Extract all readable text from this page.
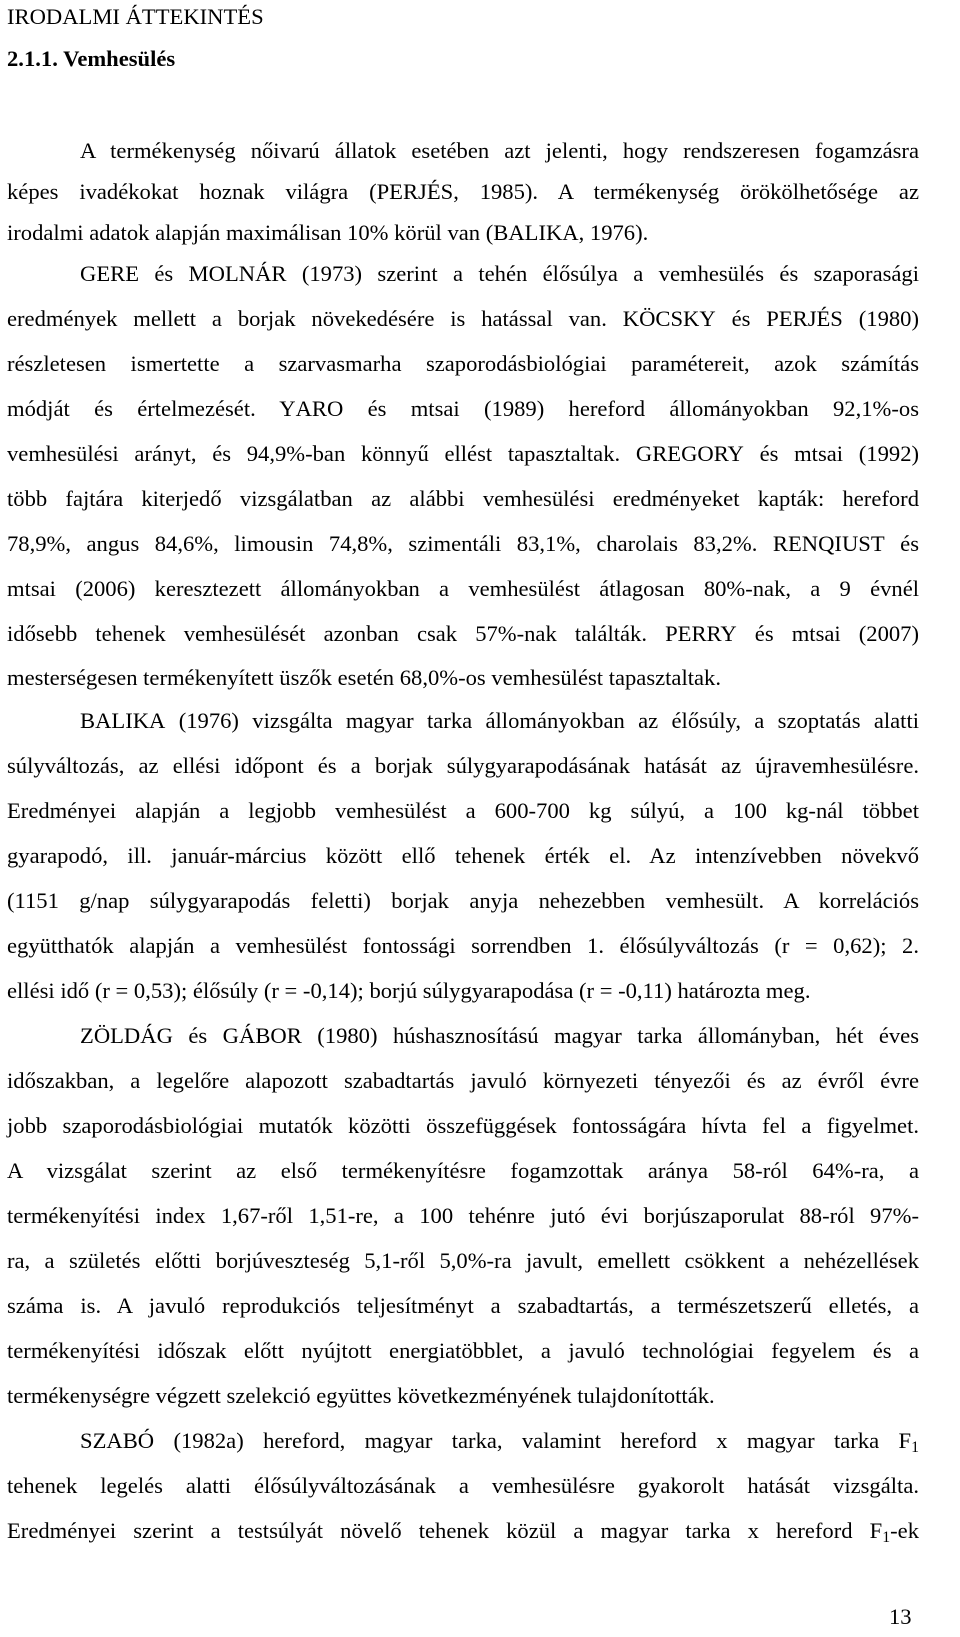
IRODALMI ÁTTEKINTÉS
2.1.1. Vemhesülés
A termékenység nőivarú állatok esetében azt jelenti, hogy rendszeresen fogamzásra
képes ivadékokat hoznak világra (PERJÉS, 1985). A termékenység örökölhetősége az
irodalmi adatok alapján maximálisan 10% körül van (BALIKA, 1976).
GERE és MOLNÁR (1973) szerint a tehén élősúlya a vemhesülés és szaporasági
eredmények mellett a borjak növekedésére is hatással van. KÖCSKY és PERJÉS (1980)
részletesen ismertette a szarvasmarha szaporodásbiológiai paramétereit, azok számítás
módját és értelmezését. YARO és mtsai (1989) hereford állományokban 92,1%-os
vemhesülési arányt, és 94,9%-ban könnyű ellést tapasztaltak. GREGORY és mtsai (1992)
több fajtára kiterjedő vizsgálatban az alábbi vemhesülési eredményeket kapták: hereford
78,9%, angus 84,6%, limousin 74,8%, szimentáli 83,1%, charolais 83,2%. RENQIUST és
mtsai (2006) keresztezett állományokban a vemhesülést átlagosan 80%-nak, a 9 évnél
idősebb tehenek vemhesülését azonban csak 57%-nak találták. PERRY és mtsai (2007)
mesterségesen termékenyített üszők esetén 68,0%-os vemhesülést tapasztaltak.
BALIKA (1976) vizsgálta magyar tarka állományokban az élősúly, a szoptatás alatti
súlyváltozás, az ellési időpont és a borjak súlygyarapodásának hatását az újravemhesülésre.
Eredményei alapján a legjobb vemhesülést a 600-700 kg súlyú, a 100 kg-nál többet
gyarapodó, ill. január-március között ellő tehenek érték el. Az intenzívebben növekvő
(1151 g/nap súlygyarapodás feletti) borjak anyja nehezebben vemhesült. A korrelációs
együtthatók alapján a vemhesülést fontossági sorrendben 1. élősúlyváltozás (r = 0,62); 2.
ellési idő (r = 0,53); élősúly (r = -0,14); borjú súlygyarapodása (r = -0,11) határozta meg.
ZÖLDÁG és GÁBOR (1980) húshasznosítású magyar tarka állományban, hét éves
időszakban, a legelőre alapozott szabadtartás javuló környezeti tényezői és az évről évre
jobb szaporodásbiológiai mutatók közötti összefüggések fontosságára hívta fel a figyelmet.
A vizsgálat szerint az első termékenyítésre fogamzottak aránya 58-ról 64%-ra, a
termékenyítési index 1,67-ről 1,51-re, a 100 tehénre jutó évi borjúszaporulat 88-ról 97%-
ra, a születés előtti borjúveszteség 5,1-ről 5,0%-ra javult, emellett csökkent a nehézellések
száma is. A javuló reprodukciós teljesítményt a szabadtartás, a természetszerű elletés, a
termékenyítési időszak előtt nyújtott energiatöbblet, a javuló technológiai fegyelem és a
termékenységre végzett szelekció együttes következményének tulajdonították.
SZABÓ (1982a) hereford, magyar tarka, valamint hereford x magyar tarka $F_1$
tehenek legelés alatti élősúlyváltozásának a vemhesülésre gyakorolt hatását vizsgálta.
Eredményei szerint a testsúlyát növelő tehenek közül a magyar tarka x hereford $F_1-ek$
13
